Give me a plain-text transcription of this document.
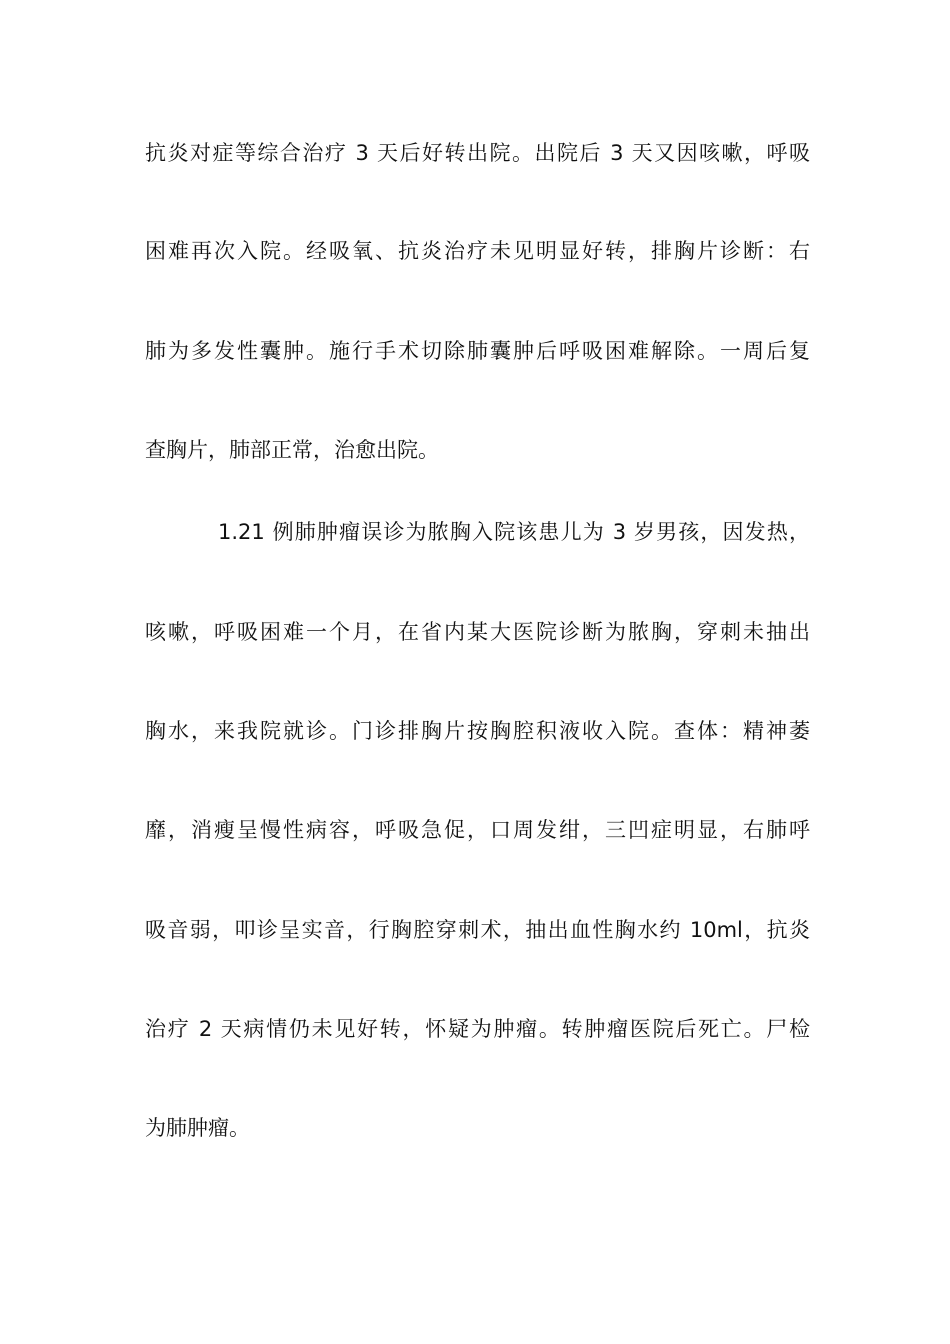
抗炎对症等综合治疗 3 天后好转出院。出院后 3 天又因咳嗽，呼吸
困难再次入院。经吸氧、抗炎治疗未见明显好转，排胸片诊断：右
肺为多发性囊肿。施行手术切除肺囊肿后呼吸困难解除。一周后复
查胸片，肺部正常，治愈出院。
1.21 例肺肿瘤误诊为脓胸入院该患儿为 3 岁男孩，因发热，
咳嗽，呼吸困难一个月，在省内某大医院诊断为脓胸，穿刺未抽出
胸水，来我院就诊。门诊排胸片按胸腔积液收入院。查体：精神萎
靡，消瘦呈慢性病容，呼吸急促，口周发绀，三凹症明显，右肺呼
吸音弱，叩诊呈实音，行胸腔穿刺术，抽出血性胸水约 10ml，抗炎
治疗 2 天病情仍未见好转，怀疑为肿瘤。转肿瘤医院后死亡。尸检
为肺肿瘤。
